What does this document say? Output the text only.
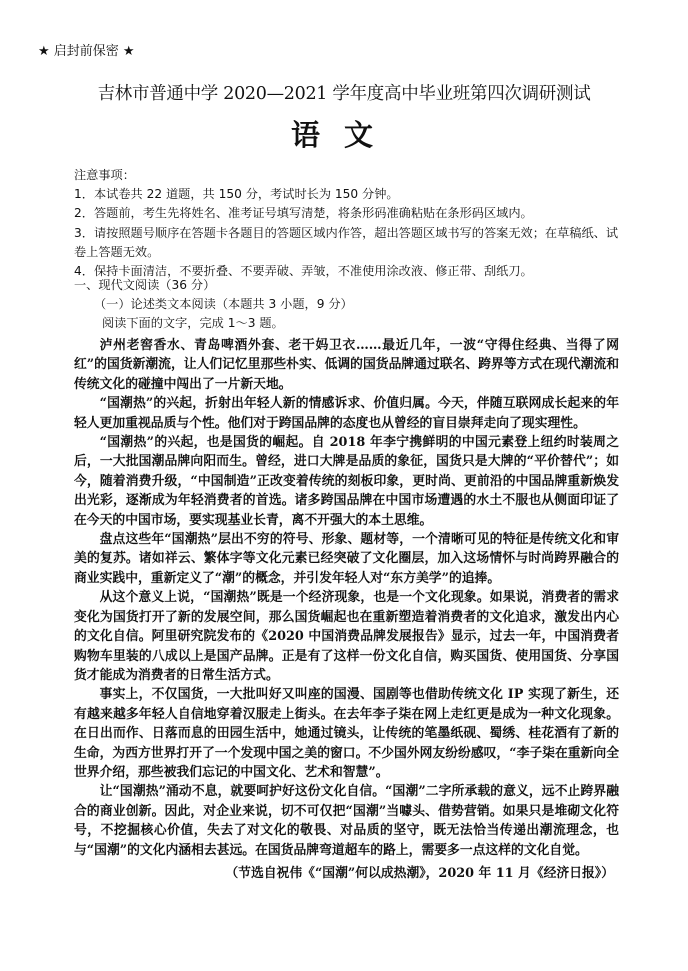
★ 启封前保密 ★
吉林市普通中学 2020—2021 学年度高中毕业班第四次调研测试
语文
注意事项：
1．本试卷共 22 道题，共 150 分，考试时长为 150 分钟。
2．答题前，考生先将姓名、准考证号填写清楚，将条形码准确粘贴在条形码区域内。
3．请按照题号顺序在答题卡各题目的答题区域内作答，超出答题区域书写的答案无效；在草稿纸、试卷上答题无效。
4．保持卡面清洁，不要折叠、不要弄破、弄皱，不准使用涂改液、修正带、刮纸刀。
一、现代文阅读（36 分）
（一）论述类文本阅读（本题共 3 小题，9 分）
阅读下面的文字，完成 1～3 题。

泸州老窖香水、青岛啤酒外套、老干妈卫衣……最近几年，一波“守得住经典、当得了网红”的国货新潮流，让人们记忆里那些朴实、低调的国货品牌通过联名、跨界等方式在现代潮流和传统文化的碰撞中闯出了一片新天地。

“国潮热”的兴起，折射出年轻人新的情感诉求、价值归属。今天，伴随互联网成长起来的年轻人更加重视品质与个性。他们对于跨国品牌的态度也从曾经的盲目崇拜走向了现实理性。

“国潮热”的兴起，也是国货的崛起。自 2018 年李宁携鲜明的中国元素登上纽约时装周之后，一大批国潮品牌向阳而生。曾经，进口大牌是品质的象征，国货只是大牌的“平价替代”；如今，随着消费升级，“中国制造”正改变着传统的刻板印象，更时尚、更前沿的中国品牌重新焕发出光彩，逐渐成为年轻消费者的首选。诸多跨国品牌在中国市场遭遇的水土不服也从侧面印证了在今天的中国市场，要实现基业长青，离不开强大的本土思维。

盘点这些年“国潮热”层出不穷的符号、形象、题材等，一个清晰可见的特征是传统文化和审美的复苏。诸如祥云、繁体字等文化元素已经突破了文化圈层，加入这场情怀与时尚跨界融合的商业实践中，重新定义了“潮”的概念，并引发年轻人对“东方美学”的追捧。

从这个意义上说，“国潮热”既是一个经济现象，也是一个文化现象。如果说，消费者的需求变化为国货打开了新的发展空间，那么国货崛起也在重新塑造着消费者的文化追求，激发出内心的文化自信。阿里研究院发布的《2020 中国消费品牌发展报告》显示，过去一年，中国消费者购物车里装的八成以上是国产品牌。正是有了这样一份文化自信，购买国货、使用国货、分享国货才能成为消费者的日常生活方式。

事实上，不仅国货，一大批叫好又叫座的国漫、国剧等也借助传统文化 IP 实现了新生，还有越来越多年轻人自信地穿着汉服走上街头。在去年李子柒在网上走红更是成为一种文化现象。在日出而作、日落而息的田园生活中，她通过镜头，让传统的笔墨纸砚、蜀绣、桂花酒有了新的生命，为西方世界打开了一个发现中国之美的窗口。不少国外网友纷纷感叹，“李子柒在重新向全世界介绍，那些被我们忘记的中国文化、艺术和智慧”。

让“国潮热”涌动不息，就要呵护好这份文化自信。“国潮”二字所承载的意义，远不止跨界融合的商业创新。因此，对企业来说，切不可仅把“国潮”当噱头、借势营销。如果只是堆砌文化符号，不挖掘核心价值，失去了对文化的敬畏、对品质的坚守，既无法恰当传递出潮流理念，也与“国潮”的文化内涵相去甚远。在国货品牌弯道超车的路上，需要多一点这样的文化自觉。

（节选自祝伟《“国潮”何以成热潮》，2020 年 11 月《经济日报》）
